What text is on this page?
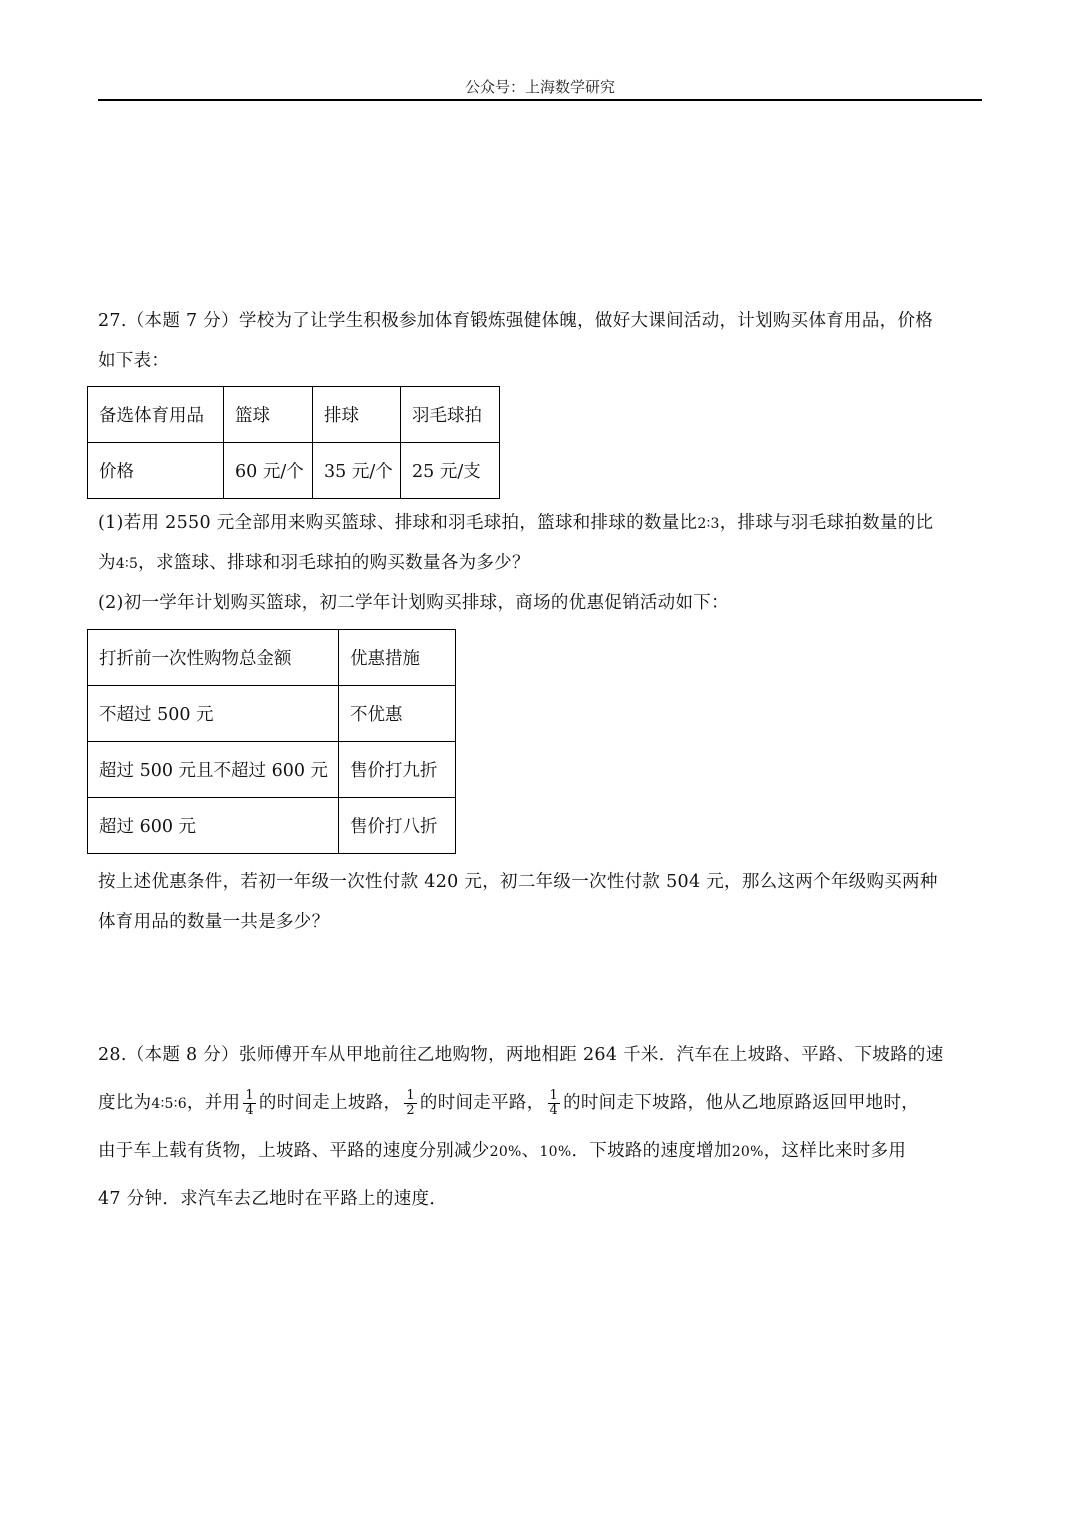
公众号：上海数学研究
27.（本题 7 分）学校为了让学生积极参加体育锻炼强健体魄，做好大课间活动，计划购买体育用品，价格
如下表：
备选体育用品	篮球	排球	羽毛球拍
价格	60 元/个	35 元/个	25 元/支
(1)若用 2550 元全部用来购买篮球、排球和羽毛球拍，篮球和排球的数量比2∶3，排球与羽毛球拍数量的比
为4∶5，求篮球、排球和羽毛球拍的购买数量各为多少？
(2)初一学年计划购买篮球，初二学年计划购买排球，商场的优惠促销活动如下：
打折前一次性购物总金额	优惠措施
不超过 500 元	不优惠
超过 500 元且不超过 600 元	售价打九折
超过 600 元	售价打八折
按上述优惠条件，若初一年级一次性付款 420 元，初二年级一次性付款 504 元，那么这两个年级购买两种
体育用品的数量一共是多少？
28.（本题 8 分）张师傅开车从甲地前往乙地购物，两地相距 264 千米．汽车在上坡路、平路、下坡路的速
度比为4∶5∶6，并用 $\frac{1}{4}$ 的时间走上坡路， $\frac{1}{2}$ 的时间走平路， $\frac{1}{4}$ 的时间走下坡路，他从乙地原路返回甲地时，
由于车上载有货物，上坡路、平路的速度分别减少20%、10%．下坡路的速度增加20%，这样比来时多用
47 分钟．求汽车去乙地时在平路上的速度．
